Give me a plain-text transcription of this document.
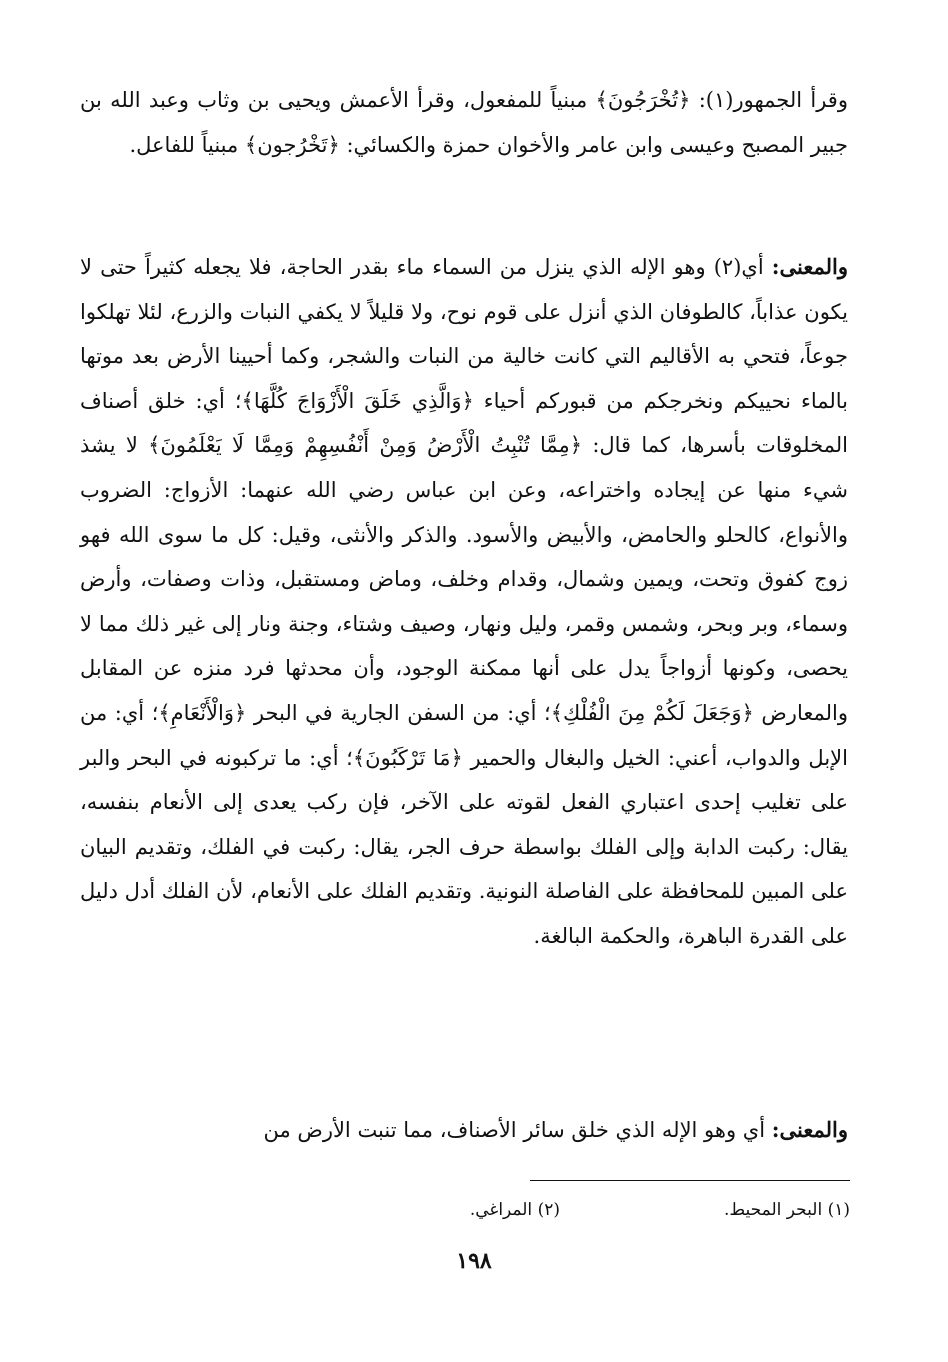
وقرأ الجمهور(١): ﴿تُخْرَجُونَ﴾ مبنياً للمفعول، وقرأ الأعمش ويحيى بن وثاب وعبد الله بن جبير المصبح وعيسى وابن عامر والأخوان حمزة والكسائي: ﴿تَخْرُجون﴾ مبنياً للفاعل.
والمعنى: أي(٢) وهو الإله الذي ينزل من السماء ماء بقدر الحاجة، فلا يجعله كثيراً حتى لا يكون عذاباً، كالطوفان الذي أنزل على قوم نوح، ولا قليلاً لا يكفي النبات والزرع، لئلا تهلكوا جوعاً، فتحي به الأقاليم التي كانت خالية من النبات والشجر، وكما أحيينا الأرض بعد موتها بالماء نحييكم ونخرجكم من قبوركم أحياء ﴿وَالَّذِي خَلَقَ الْأَزْوَاجَ كُلَّهَا﴾؛ أي: خلق أصناف المخلوقات بأسرها، كما قال: ﴿مِمَّا تُنْبِتُ الْأَرْضُ وَمِنْ أَنْفُسِهِمْ وَمِمَّا لَا يَعْلَمُونَ﴾ لا يشذ شيء منها عن إيجاده واختراعه، وعن ابن عباس رضي الله عنهما: الأزواج: الضروب والأنواع، كالحلو والحامض، والأبيض والأسود. والذكر والأنثى، وقيل: كل ما سوى الله فهو زوج كفوق وتحت، ويمين وشمال، وقدام وخلف، وماض ومستقبل، وذات وصفات، وأرض وسماء، وبر وبحر، وشمس وقمر، وليل ونهار، وصيف وشتاء، وجنة ونار إلى غير ذلك مما لا يحصى، وكونها أزواجاً يدل على أنها ممكنة الوجود، وأن محدثها فرد منزه عن المقابل والمعارض ﴿وَجَعَلَ لَكُمْ مِنَ الْفُلْكِ﴾؛ أي: من السفن الجارية في البحر ﴿وَالْأَنْعَامِ﴾؛ أي: من الإبل والدواب، أعني: الخيل والبغال والحمير ﴿مَا تَرْكَبُونَ﴾؛ أي: ما تركبونه في البحر والبر على تغليب إحدى اعتباري الفعل لقوته على الآخر، فإن ركب يعدى إلى الأنعام بنفسه، يقال: ركبت الدابة وإلى الفلك بواسطة حرف الجر، يقال: ركبت في الفلك، وتقديم البيان على المبين للمحافظة على الفاصلة النونية. وتقديم الفلك على الأنعام، لأن الفلك أدل دليل على القدرة الباهرة، والحكمة البالغة.
والمعنى: أي وهو الإله الذي خلق سائر الأصناف، مما تنبت الأرض من
(١) البحر المحيط.
(٢) المراغي.
١٩٨
